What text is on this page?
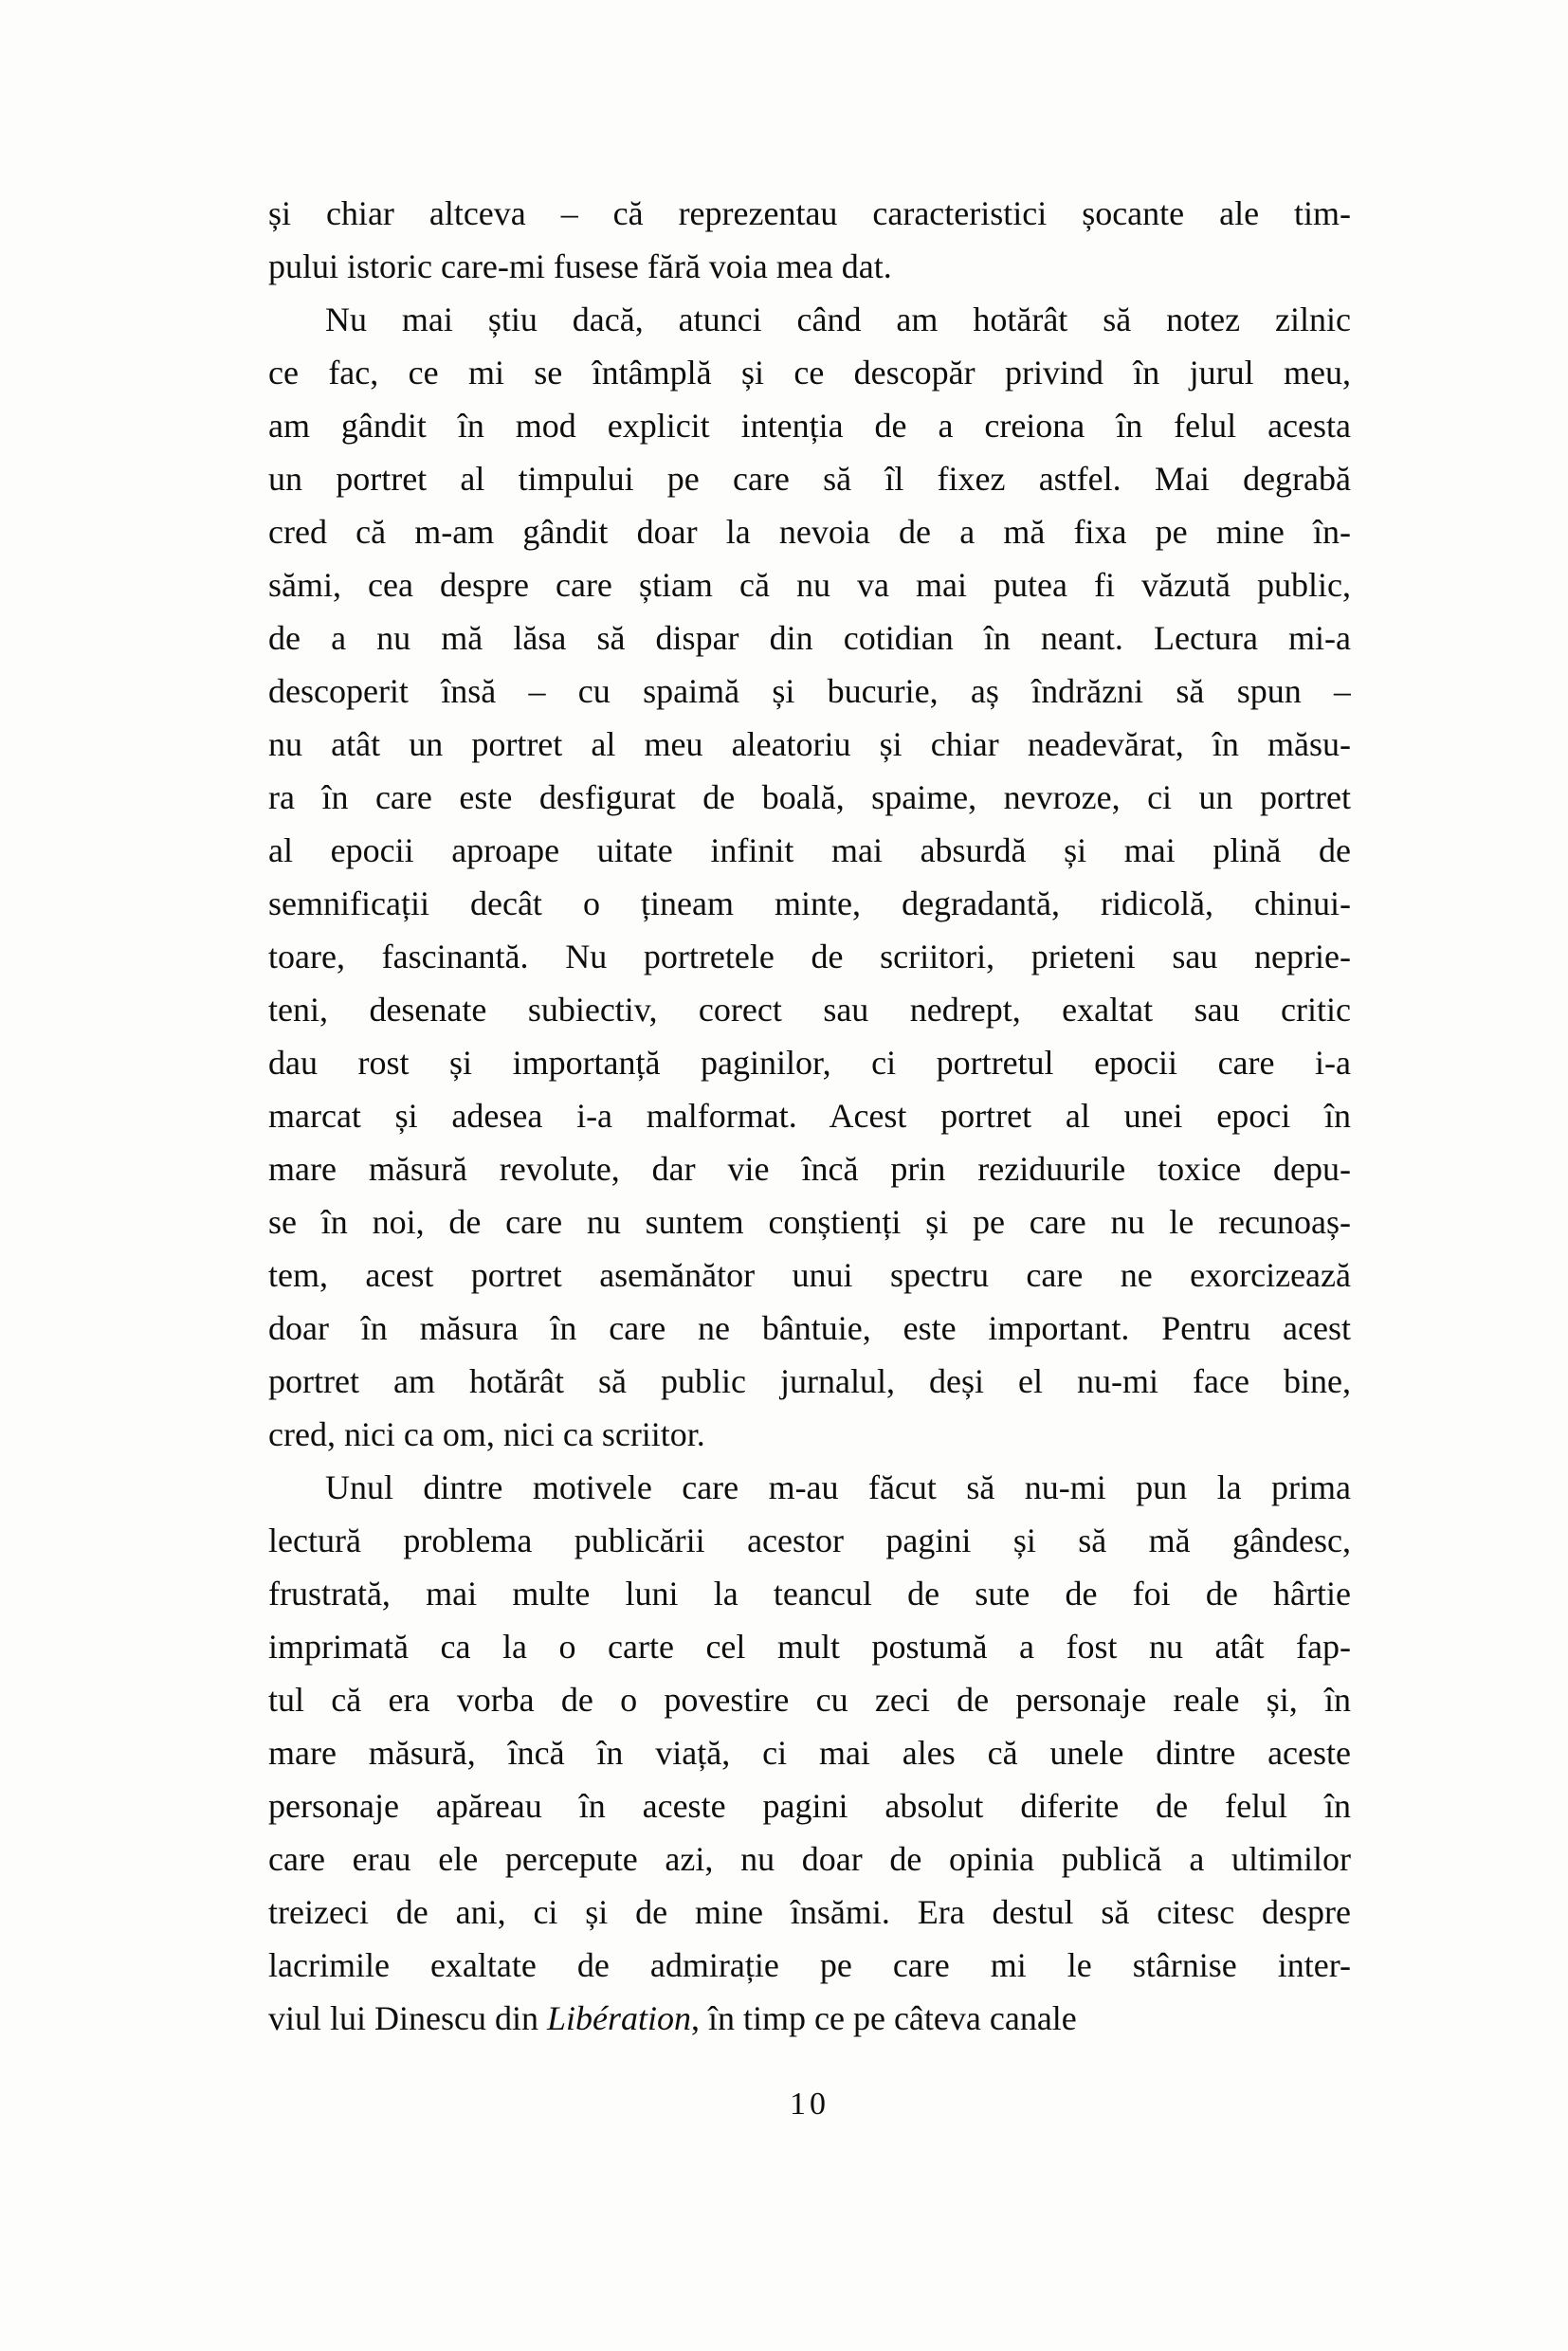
și chiar altceva – că reprezentau caracteristici șocante ale tim-
pului istoric care-mi fusese fără voia mea dat.
Nu mai știu dacă, atunci când am hotărât să notez zilnic
ce fac, ce mi se întâmplă și ce descopăr privind în jurul meu,
am gândit în mod explicit intenția de a creiona în felul acesta
un portret al timpului pe care să îl fixez astfel. Mai degrabă
cred că m-am gândit doar la nevoia de a mă fixa pe mine în-
sămi, cea despre care știam că nu va mai putea fi văzută public,
de a nu mă lăsa să dispar din cotidian în neant. Lectura mi-a
descoperit însă – cu spaimă și bucurie, aș îndrăzni să spun –
nu atât un portret al meu aleatoriu și chiar neadevărat, în măsu-
ra în care este desfigurat de boală, spaime, nevroze, ci un portret
al epocii aproape uitate infinit mai absurdă și mai plină de
semnificații decât o țineam minte, degradantă, ridicolă, chinui-
toare, fascinantă. Nu portretele de scriitori, prieteni sau neprie-
teni, desenate subiectiv, corect sau nedrept, exaltat sau critic
dau rost și importanță paginilor, ci portretul epocii care i-a
marcat și adesea i-a malformat. Acest portret al unei epoci în
mare măsură revolute, dar vie încă prin reziduurile toxice depu-
se în noi, de care nu suntem conștienți și pe care nu le recunoaș-
tem, acest portret asemănător unui spectru care ne exorcizează
doar în măsura în care ne bântuie, este important. Pentru acest
portret am hotărât să public jurnalul, deși el nu-mi face bine,
cred, nici ca om, nici ca scriitor.
Unul dintre motivele care m-au făcut să nu-mi pun la prima
lectură problema publicării acestor pagini și să mă gândesc,
frustrată, mai multe luni la teancul de sute de foi de hârtie
imprimată ca la o carte cel mult postumă a fost nu atât fap-
tul că era vorba de o povestire cu zeci de personaje reale și, în
mare măsură, încă în viață, ci mai ales că unele dintre aceste
personaje apăreau în aceste pagini absolut diferite de felul în
care erau ele percepute azi, nu doar de opinia publică a ultimilor
treizeci de ani, ci și de mine însămi. Era destul să citesc despre
lacrimile exaltate de admirație pe care mi le stârnise inter-
viul lui Dinescu din Libération, în timp ce pe câteva canale
10
